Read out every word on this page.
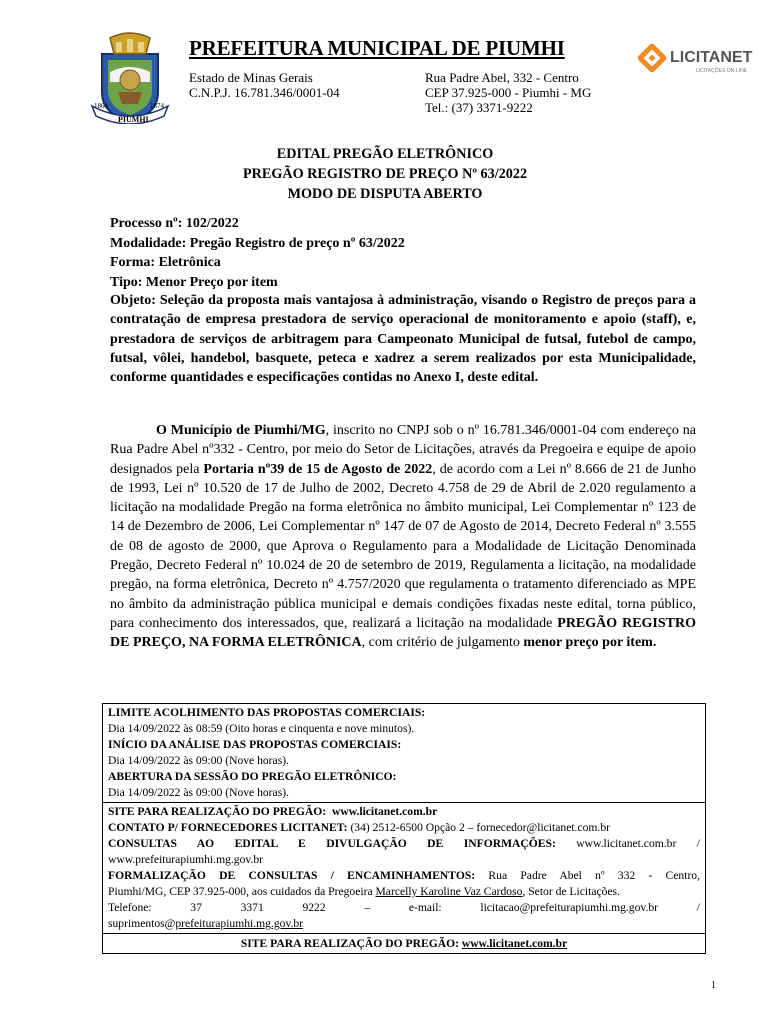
1864	1874
PIUMHI
PREFEITURA MUNICIPAL DE PIUMHI
Estado de Minas Gerais
C.N.P.J. 16.781.346/0001-04
Rua Padre Abel, 332 - Centro
CEP 37.925-000 - Piumhi - MG
Tel.: (37) 3371-9222
LICITANET
LICITAÇÕES ON-LINE
EDITAL PREGÃO ELETRÔNICO
PREGÃO REGISTRO DE PREÇO Nº 63/2022
MODO DE DISPUTA ABERTO
Processo nº: 102/2022
Modalidade: Pregão Registro de preço nº 63/2022
Forma: Eletrônica
Tipo: Menor Preço por item
Objeto: Seleção da proposta mais vantajosa à administração, visando o Registro de preços para a contratação de empresa prestadora de serviço operacional de monitoramento e apoio (staff), e, prestadora de serviços de arbitragem para Campeonato Municipal de futsal, futebol de campo, futsal, vôlei, handebol, basquete, peteca e xadrez a serem realizados por esta Municipalidade, conforme quantidades e especificações contidas no Anexo I, deste edital.
O Município de Piumhi/MG, inscrito no CNPJ sob o nº 16.781.346/0001-04 com endereço na Rua Padre Abel nº332 - Centro, por meio do Setor de Licitações, através da Pregoeira e equipe de apoio designados pela Portaria nº39 de 15 de Agosto de 2022, de acordo com a Lei nº 8.666 de 21 de Junho de 1993, Lei nº 10.520 de 17 de Julho de 2002, Decreto 4.758 de 29 de Abril de 2.020 regulamento a licitação na modalidade Pregão na forma eletrônica no âmbito municipal, Lei Complementar nº 123 de 14 de Dezembro de 2006, Lei Complementar nº 147 de 07 de Agosto de 2014, Decreto Federal nº 3.555 de 08 de agosto de 2000, que Aprova o Regulamento para a Modalidade de Licitação Denominada Pregão, Decreto Federal nº 10.024 de 20 de setembro de 2019, Regulamenta a licitação, na modalidade pregão, na forma eletrônica, Decreto nº 4.757/2020 que regulamenta o tratamento diferenciado as MPE no âmbito da administração pública municipal e demais condições fixadas neste edital, torna público, para conhecimento dos interessados, que, realizará a licitação na modalidade PREGÃO REGISTRO DE PREÇO, NA FORMA ELETRÔNICA, com critério de julgamento menor preço por item.
LIMITE ACOLHIMENTO DAS PROPOSTAS COMERCIAIS:
Dia 14/09/2022 às 08:59 (Oito horas e cinquenta e nove minutos).
INÍCIO DA ANÁLISE DAS PROPOSTAS COMERCIAIS:
Dia 14/09/2022 às 09:00 (Nove horas).
ABERTURA DA SESSÃO DO PREGÃO ELETRÔNICO:
Dia 14/09/2022 às 09:00 (Nove horas).
SITE PARA REALIZAÇÃO DO PREGÃO: www.licitanet.com.br
CONTATO P/ FORNECEDORES LICITANET: (34) 2512-6500 Opção 2 – fornecedor@licitanet.com.br
CONSULTAS AO EDITAL E DIVULGAÇÃO DE INFORMAÇÕES: www.licitanet.com.br /
www.prefeiturapiumhi.mg.gov.br
FORMALIZAÇÃO DE CONSULTAS / ENCAMINHAMENTOS: Rua Padre Abel nº 332 - Centro,
Piumhi/MG, CEP 37.925-000, aos cuidados da Pregoeira Marcelly Karoline Vaz Cardoso, Setor de Licitações.
Telefone:	37	3371	9222	–	e-mail:	licitacao@prefeiturapiumhi.mg.gov.br	/
suprimentos@prefeiturapiumhi.mg.gov.br
SITE PARA REALIZAÇÃO DO PREGÃO: www.licitanet.com.br
1
